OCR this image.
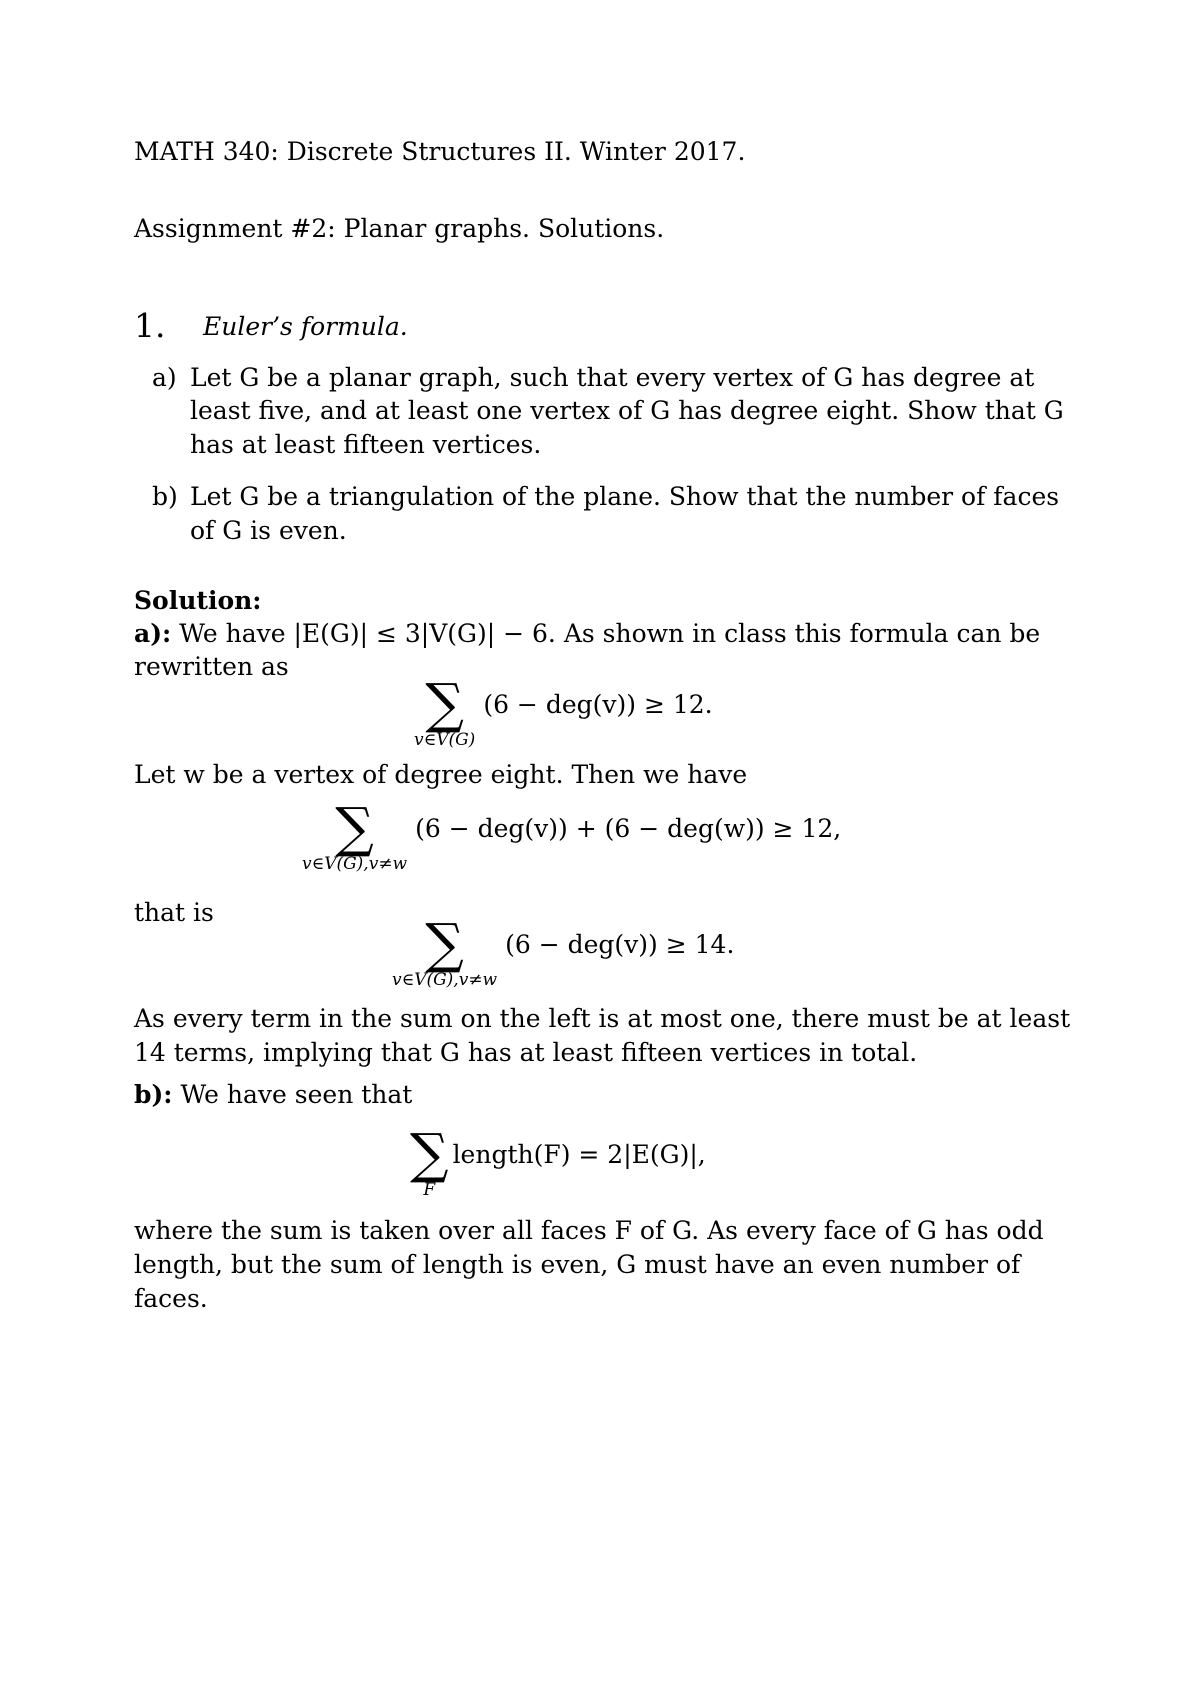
MATH 340: Discrete Structures II. Winter 2017.
Assignment #2: Planar graphs. Solutions.
1. Euler’s formula.
a) Let G be a planar graph, such that every vertex of G has degree at
least five, and at least one vertex of G has degree eight. Show that G
has at least fifteen vertices.
b) Let G be a triangulation of the plane. Show that the number of faces
of G is even.
Solution:
a): We have |E(G)| ≤ 3|V(G)| − 6. As shown in class this formula can be
rewritten as
∑
v∈V(G)
(6 − deg(v)) ≥ 12.
Let w be a vertex of degree eight. Then we have
∑
v∈V(G),v≠w
(6 − deg(v)) + (6 − deg(w)) ≥ 12,
that is	∑
v∈V(G),v≠w
(6 − deg(v)) ≥ 14.
As every term in the sum on the left is at most one, there must be at least
14 terms, implying that G has at least fifteen vertices in total.
b): We have seen that
∑
F
length(F) = 2|E(G)|,
where the sum is taken over all faces F of G. As every face of G has odd
length, but the sum of length is even, G must have an even number of
faces.
